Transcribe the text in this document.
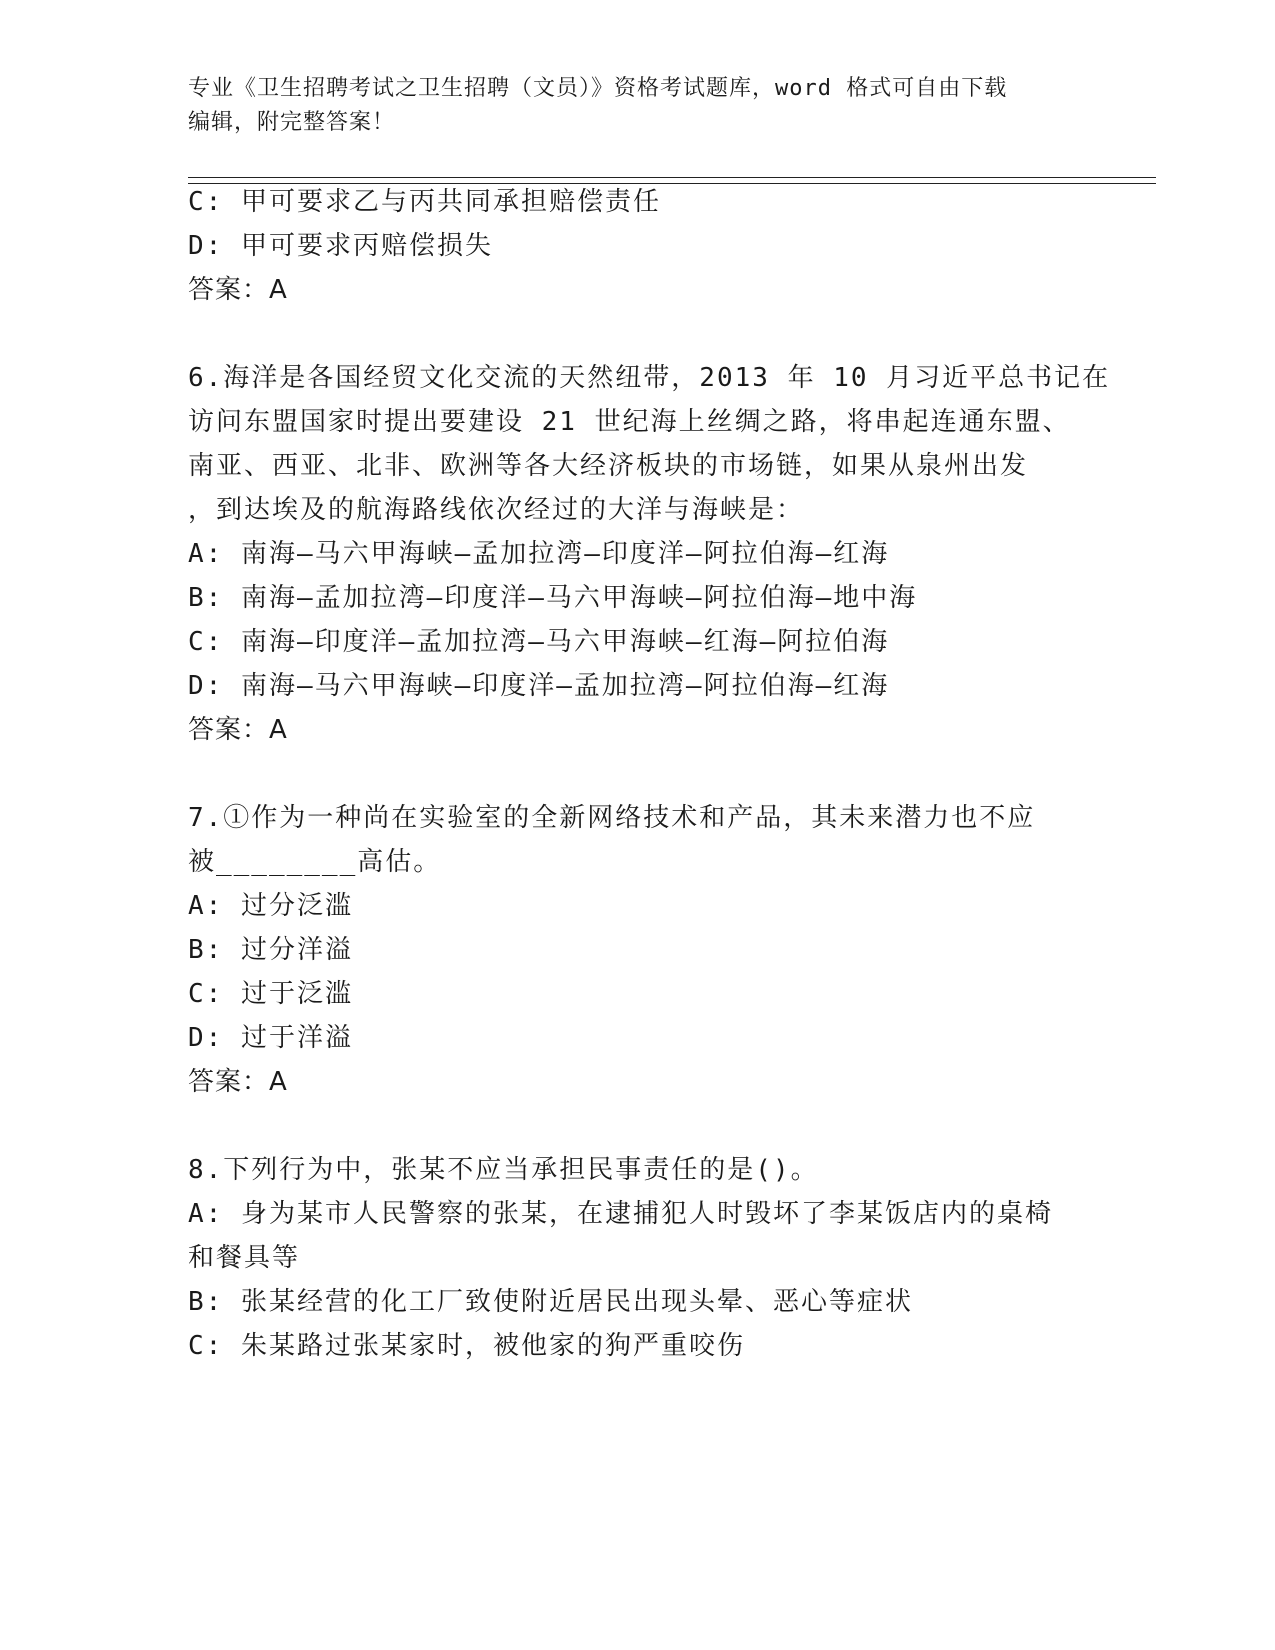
专业《卫生招聘考试之卫生招聘（文员）》资格考试题库，word 格式可自由下载
编辑，附完整答案！
C: 甲可要求乙与丙共同承担赔偿责任
D: 甲可要求丙赔偿损失
答案：A
6.海洋是各国经贸文化交流的天然纽带，2013 年 10 月习近平总书记在
访问东盟国家时提出要建设 21 世纪海上丝绸之路，将串起连通东盟、
南亚、西亚、北非、欧洲等各大经济板块的市场链，如果从泉州出发
，到达埃及的航海路线依次经过的大洋与海峡是：
A: 南海—马六甲海峡—孟加拉湾—印度洋—阿拉伯海—红海
B: 南海—孟加拉湾—印度洋—马六甲海峡—阿拉伯海—地中海
C: 南海—印度洋—孟加拉湾—马六甲海峡—红海—阿拉伯海
D: 南海—马六甲海峡—印度洋—孟加拉湾—阿拉伯海—红海
答案：A
7.①作为一种尚在实验室的全新网络技术和产品，其未来潜力也不应
被________高估。
A: 过分泛滥
B: 过分洋溢
C: 过于泛滥
D: 过于洋溢
答案：A
8.下列行为中，张某不应当承担民事责任的是()。
A: 身为某市人民警察的张某，在逮捕犯人时毁坏了李某饭店内的桌椅
和餐具等
B: 张某经营的化工厂致使附近居民出现头晕、恶心等症状
C: 朱某路过张某家时，被他家的狗严重咬伤
